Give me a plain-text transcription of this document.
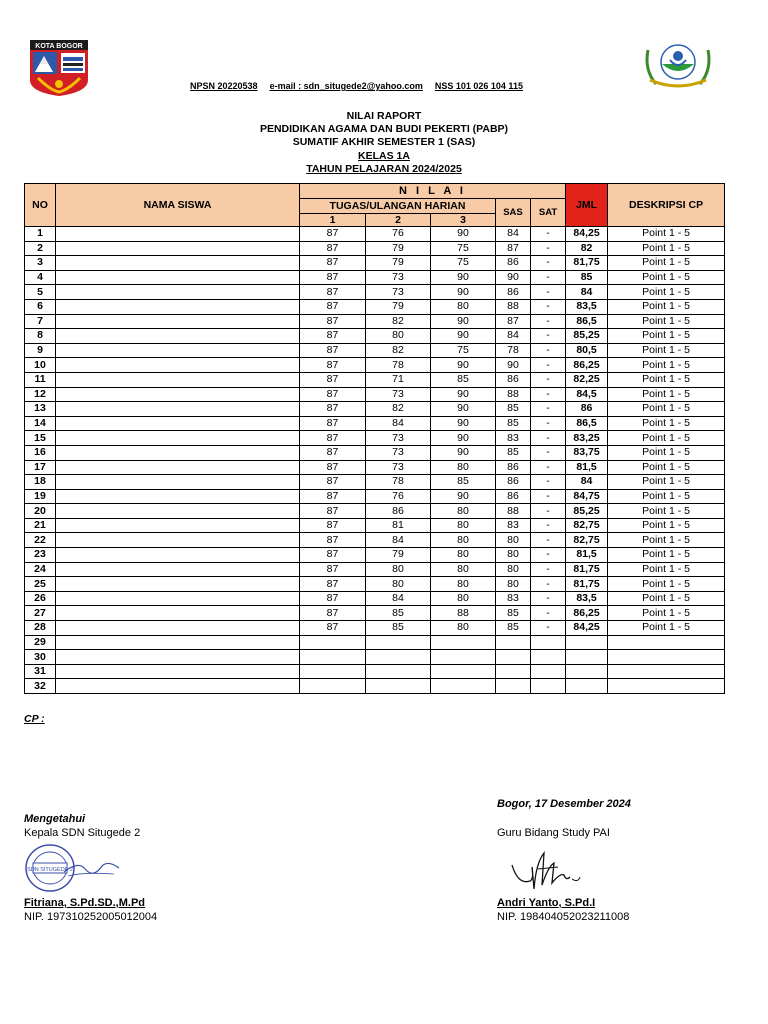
KOTA BOGOR
NPSN 20220538 e-mail : sdn_situgede2@yahoo.com NSS 101 026 104 115
NILAI RAPORT
PENDIDIKAN AGAMA DAN BUDI PEKERTI (PABP)
SUMATIF AKHIR SEMESTER 1 (SAS)
KELAS 1A
TAHUN PELAJARAN 2024/2025
NO	NAMA SISWA	N I L A I					JML	DESKRIPSI CP
		TUGAS/ULANGAN HARIAN			SAS	SAT		
		1	2	3				
1		87	76	90	84	-	84,25	Point 1 - 5
2		87	79	75	87	-	82	Point 1 - 5
3		87	79	75	86	-	81,75	Point 1 - 5
4		87	73	90	90	-	85	Point 1 - 5
5		87	73	90	86	-	84	Point 1 - 5
6		87	79	80	88	-	83,5	Point 1 - 5
7		87	82	90	87	-	86,5	Point 1 - 5
8		87	80	90	84	-	85,25	Point 1 - 5
9		87	82	75	78	-	80,5	Point 1 - 5
10		87	78	90	90	-	86,25	Point 1 - 5
11		87	71	85	86	-	82,25	Point 1 - 5
12		87	73	90	88	-	84,5	Point 1 - 5
13		87	82	90	85	-	86	Point 1 - 5
14		87	84	90	85	-	86,5	Point 1 - 5
15		87	73	90	83	-	83,25	Point 1 - 5
16		87	73	90	85	-	83,75	Point 1 - 5
17		87	73	80	86	-	81,5	Point 1 - 5
18		87	78	85	86	-	84	Point 1 - 5
19		87	76	90	86	-	84,75	Point 1 - 5
20		87	86	80	88	-	85,25	Point 1 - 5
21		87	81	80	83	-	82,75	Point 1 - 5
22		87	84	80	80	-	82,75	Point 1 - 5
23		87	79	80	80	-	81,5	Point 1 - 5
24		87	80	80	80	-	81,75	Point 1 - 5
25		87	80	80	80	-	81,75	Point 1 - 5
26		87	84	80	83	-	83,5	Point 1 - 5
27		87	85	88	85	-	86,25	Point 1 - 5
28		87	85	80	85	-	84,25	Point 1 - 5
29								
30								
31								
32								
CP :
Mengetahui
Kepala SDN Situgede 2
Fitriana, S.Pd.SD.,M.Pd
NIP. 197310252005012004
SDN SITUGEDE 2
Bogor, 17 Desember 2024
Guru Bidang Study PAI
Andri Yanto, S.Pd.I
NIP. 198404052023211008
